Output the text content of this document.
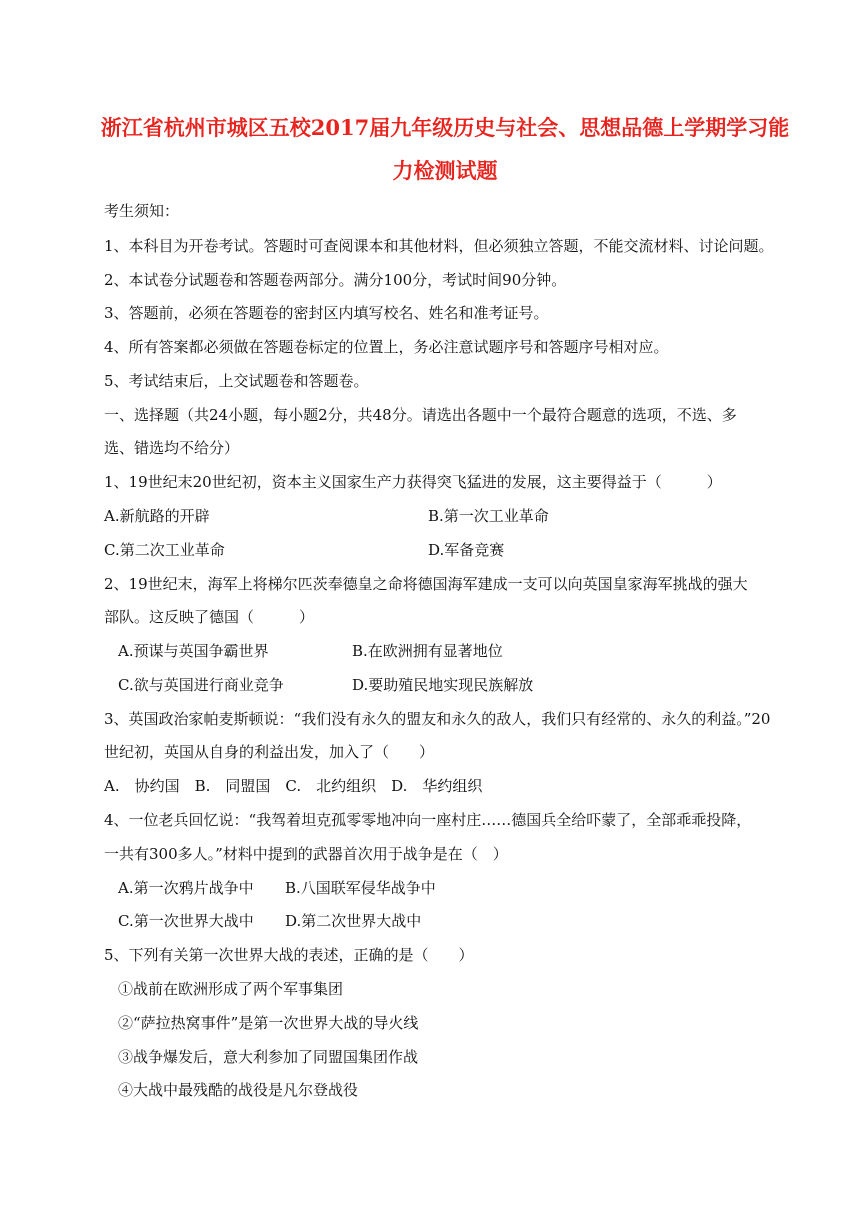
浙江省杭州市城区五校2017届九年级历史与社会、思想品德上学期学习能
力检测试题
考生须知：
1、本科目为开卷考试。答题时可查阅课本和其他材料，但必须独立答题，不能交流材料、讨论问题。
2、本试卷分试题卷和答题卷两部分。满分100分，考试时间90分钟。
3、答题前，必须在答题卷的密封区内填写校名、姓名和准考证号。
4、所有答案都必须做在答题卷标定的位置上，务必注意试题序号和答题序号相对应。
5、考试结束后，上交试题卷和答题卷。
一、选择题（共24小题，每小题2分，共48分。请选出各题中一个最符合题意的选项，不选、多
选、错选均不给分）
1、19世纪末20世纪初，资本主义国家生产力获得突飞猛进的发展，这主要得益于（　　　）
A.新航路的开辟	B.第一次工业革命
C.第二次工业革命	D.军备竞赛
2、19世纪末，海军上将梯尔匹茨奉德皇之命将德国海军建成一支可以向英国皇家海军挑战的强大
部队。这反映了德国（　　　）
A.预谋与英国争霸世界	B.在欧洲拥有显著地位
C.欲与英国进行商业竞争	D.要助殖民地实现民族解放
3、英国政治家帕麦斯顿说：“我们没有永久的盟友和永久的敌人，我们只有经常的、永久的利益。”20
世纪初，英国从自身的利益出发，加入了（　　）
A.　协约国　B.　同盟国　C.　北约组织　D.　华约组织
4、一位老兵回忆说：“我驾着坦克孤零零地冲向一座村庄……德国兵全给吓蒙了，全部乖乖投降，
一共有300多人。”材料中提到的武器首次用于战争是在（　）
A.第一次鸦片战争中 B.八国联军侵华战争中
C.第一次世界大战中 D.第二次世界大战中
5、下列有关第一次世界大战的表述，正确的是（　　）
①战前在欧洲形成了两个军事集团
②“萨拉热窝事件”是第一次世界大战的导火线
③战争爆发后，意大利参加了同盟国集团作战
④大战中最残酷的战役是凡尔登战役
